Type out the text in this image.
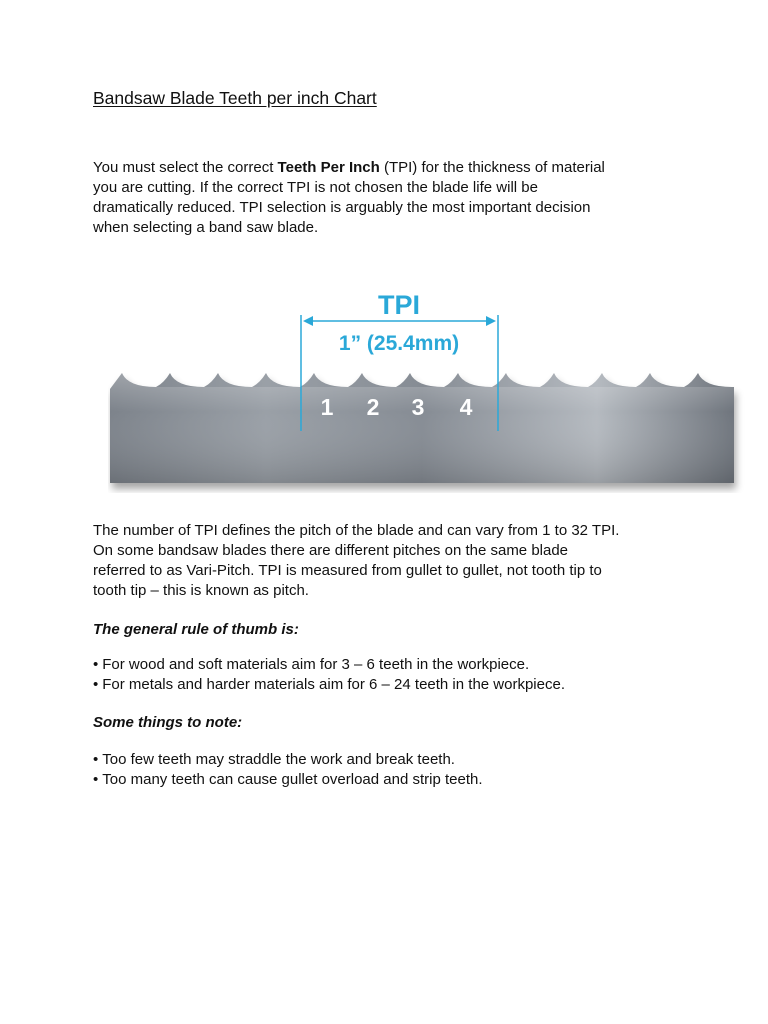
Bandsaw Blade Teeth per inch Chart
You must select the correct Teeth Per Inch (TPI) for the thickness of material
you are cutting. If the correct TPI is not chosen the blade life will be
dramatically reduced. TPI selection is arguably the most important decision
when selecting a band saw blade.
TPI
1” (25.4mm)
1 2 3 4
The number of TPI defines the pitch of the blade and can vary from 1 to 32 TPI.
On some bandsaw blades there are different pitches on the same blade
referred to as Vari-Pitch. TPI is measured from gullet to gullet, not tooth tip to
tooth tip – this is known as pitch.
The general rule of thumb is:
• For wood and soft materials aim for 3 – 6 teeth in the workpiece.
• For metals and harder materials aim for 6 – 24 teeth in the workpiece.
Some things to note:
• Too few teeth may straddle the work and break teeth.
• Too many teeth can cause gullet overload and strip teeth.
